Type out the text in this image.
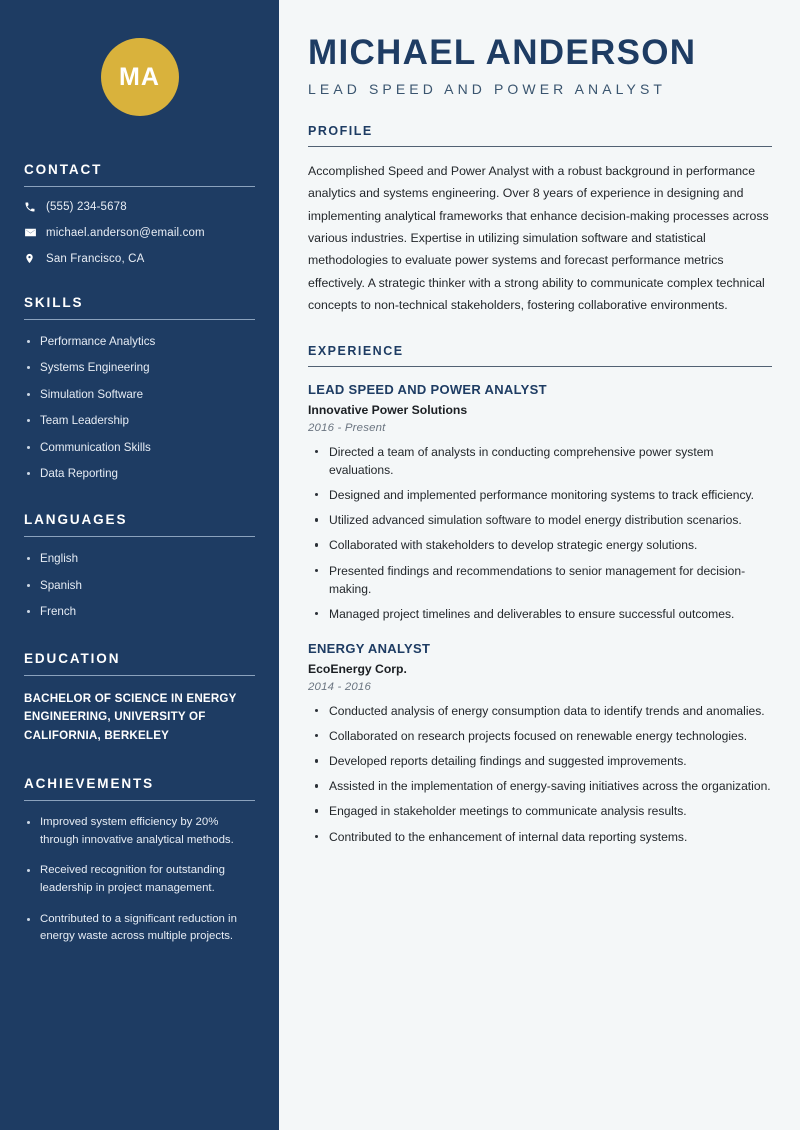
MA
CONTACT
(555) 234-5678
michael.anderson@email.com
San Francisco, CA
SKILLS
Performance Analytics
Systems Engineering
Simulation Software
Team Leadership
Communication Skills
Data Reporting
LANGUAGES
English
Spanish
French
EDUCATION
BACHELOR OF SCIENCE IN ENERGY ENGINEERING, UNIVERSITY OF CALIFORNIA, BERKELEY
ACHIEVEMENTS
Improved system efficiency by 20% through innovative analytical methods.
Received recognition for outstanding leadership in project management.
Contributed to a significant reduction in energy waste across multiple projects.
MICHAEL ANDERSON
LEAD SPEED AND POWER ANALYST
PROFILE

Accomplished Speed and Power Analyst with a robust background in performance analytics and systems engineering. Over 8 years of experience in designing and implementing analytical frameworks that enhance decision-making processes across various industries. Expertise in utilizing simulation software and statistical methodologies to evaluate power systems and forecast performance metrics effectively. A strategic thinker with a strong ability to communicate complex technical concepts to non-technical stakeholders, fostering collaborative environments.

EXPERIENCE
LEAD SPEED AND POWER ANALYST
Innovative Power Solutions
2016 - Present
Directed a team of analysts in conducting comprehensive power system evaluations.
Designed and implemented performance monitoring systems to track efficiency.
Utilized advanced simulation software to model energy distribution scenarios.
Collaborated with stakeholders to develop strategic energy solutions.
Presented findings and recommendations to senior management for decision-making.
Managed project timelines and deliverables to ensure successful outcomes.
ENERGY ANALYST
EcoEnergy Corp.
2014 - 2016
Conducted analysis of energy consumption data to identify trends and anomalies.
Collaborated on research projects focused on renewable energy technologies.
Developed reports detailing findings and suggested improvements.
Assisted in the implementation of energy-saving initiatives across the organization.
Engaged in stakeholder meetings to communicate analysis results.
Contributed to the enhancement of internal data reporting systems.
